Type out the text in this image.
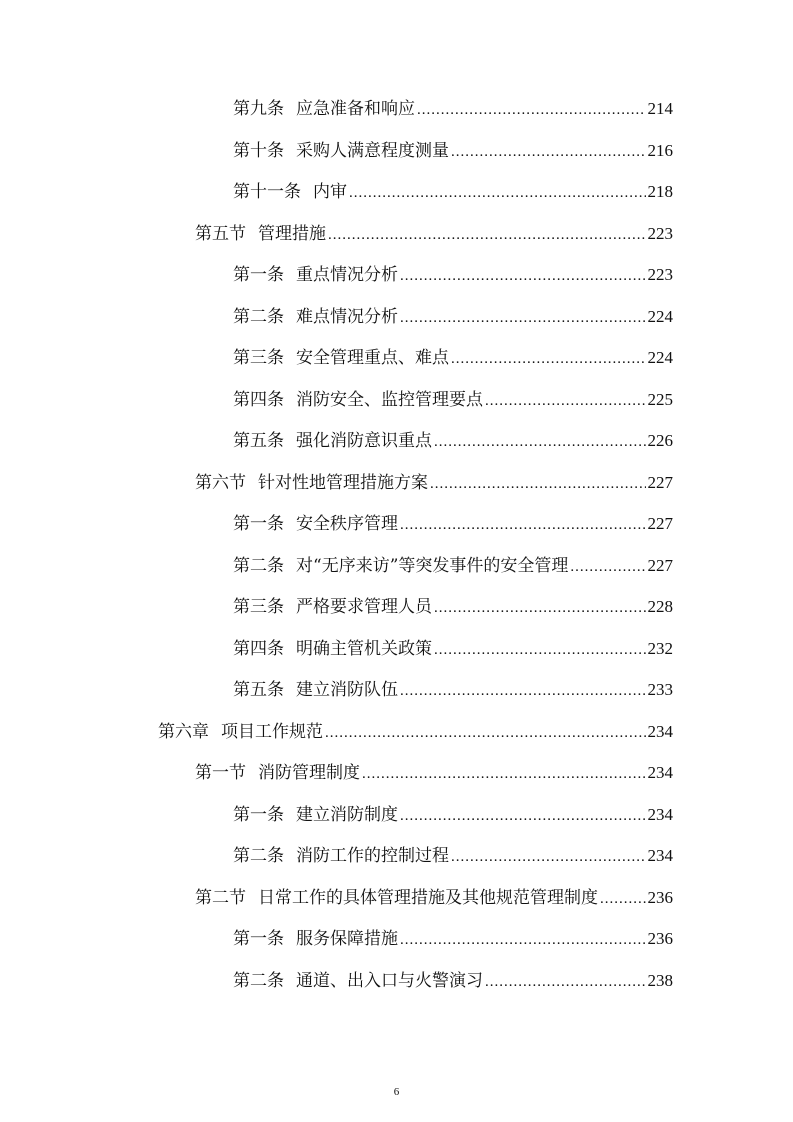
第九条 应急准备和响应 .....	214
第十条 采购人满意程度测量 .....	216
第十一条 内审 .....	218
第五节 管理措施 .....	223
第一条 重点情况分析 .....	223
第二条 难点情况分析 .....	224
第三条 安全管理重点、难点 .....	224
第四条 消防安全、监控管理要点 .....	225
第五条 强化消防意识重点 .....	226
第六节 针对性地管理措施方案 .....	227
第一条 安全秩序管理 .....	227
第二条 对“无序来访”等突发事件的安全管理 .....	227
第三条 严格要求管理人员 .....	228
第四条 明确主管机关政策 .....	232
第五条 建立消防队伍 .....	233
第六章 项目工作规范 .....	234
第一节 消防管理制度 .....	234
第一条 建立消防制度 .....	234
第二条 消防工作的控制过程 .....	234
第二节 日常工作的具体管理措施及其他规范管理制度 .....	236
第一条 服务保障措施 .....	236
第二条 通道、出入口与火警演习 .....	238
6
